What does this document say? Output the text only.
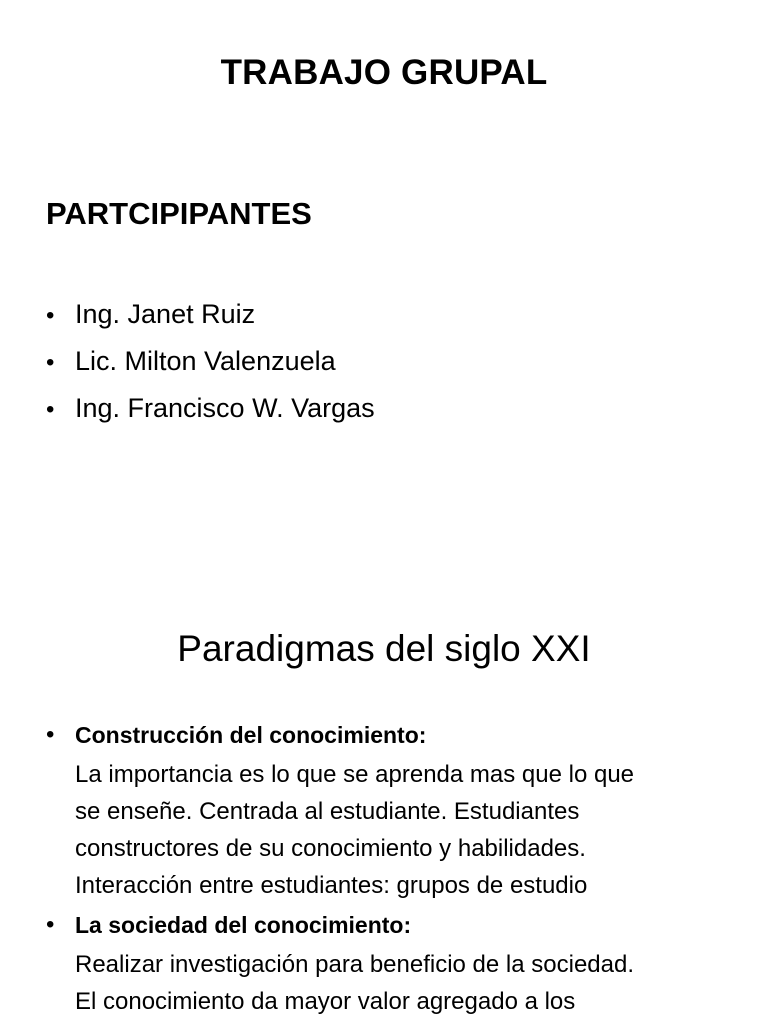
TRABAJO GRUPAL
PARTCIPIPANTES
• Ing. Janet Ruiz
• Lic. Milton Valenzuela
• Ing. Francisco W. Vargas
Paradigmas del siglo XXI
• Construcción del conocimiento:
La importancia es lo que se aprenda mas que lo que
se enseñe. Centrada al estudiante. Estudiantes
constructores de su conocimiento y habilidades.
Interacción entre estudiantes: grupos de estudio
• La sociedad del conocimiento:
Realizar investigación para beneficio de la sociedad.
El conocimiento da mayor valor agregado a los
